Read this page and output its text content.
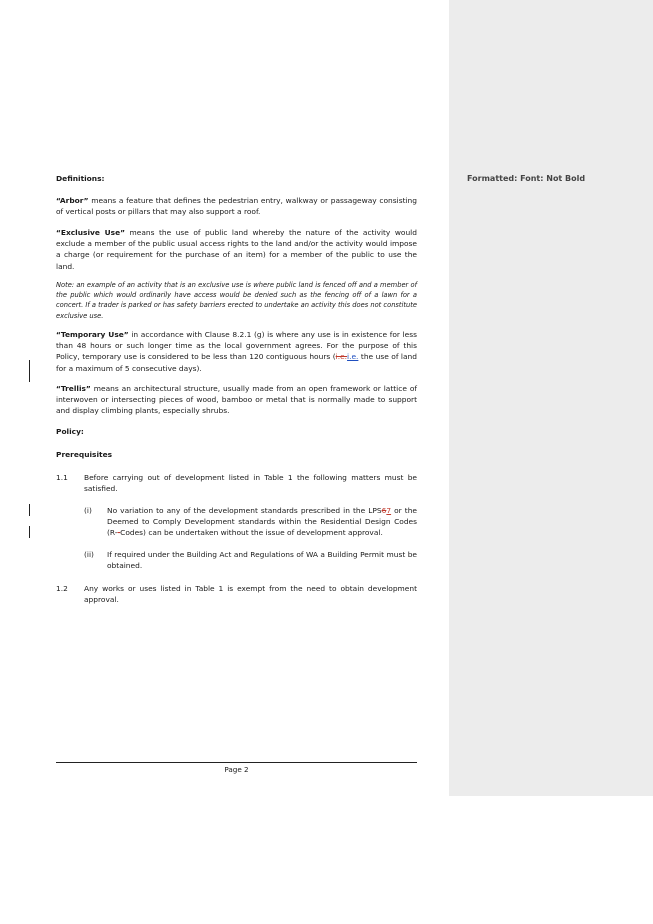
Formatted: Font: Not Bold
Definitions:
“Arbor” means a feature that defines the pedestrian entry, walkway or passageway consisting of vertical posts or pillars that may also support a roof.
“Exclusive Use” means the use of public land whereby the nature of the activity would exclude a member of the public usual access rights to the land and/or the activity would impose a charge (or requirement for the purchase of an item) for a member of the public to use the land.
Note: an example of an activity that is an exclusive use is where public land is fenced off and a member of the public which would ordinarily have access would be denied such as the fencing off of a lawn for a concert. If a trader is parked or has safety barriers erected to undertake an activity this does not constitute exclusive use.
“Temporary Use” in accordance with Clause 8.2.1 (g) is where any use is in existence for less than 48 hours or such longer time as the local government agrees. For the purpose of this Policy, temporary use is considered to be less than 120 contiguous hours (i.e.i.e. the use of land for a maximum of 5 consecutive days).
“Trellis” means an architectural structure, usually made from an open framework or lattice of interwoven or intersecting pieces of wood, bamboo or metal that is normally made to support and display climbing plants, especially shrubs.
Policy:
Prerequisites
1.1 Before carrying out of development listed in Table 1 the following matters must be satisfied.
(i) No variation to any of the development standards prescribed in the LPS67 or the Deemed to Comply Development standards within the Residential Design Codes (R--Codes) can be undertaken without the issue of development approval.
(ii) If required under the Building Act and Regulations of WA a Building Permit must be obtained.
1.2 Any works or uses listed in Table 1 is exempt from the need to obtain development approval.
Page 2
